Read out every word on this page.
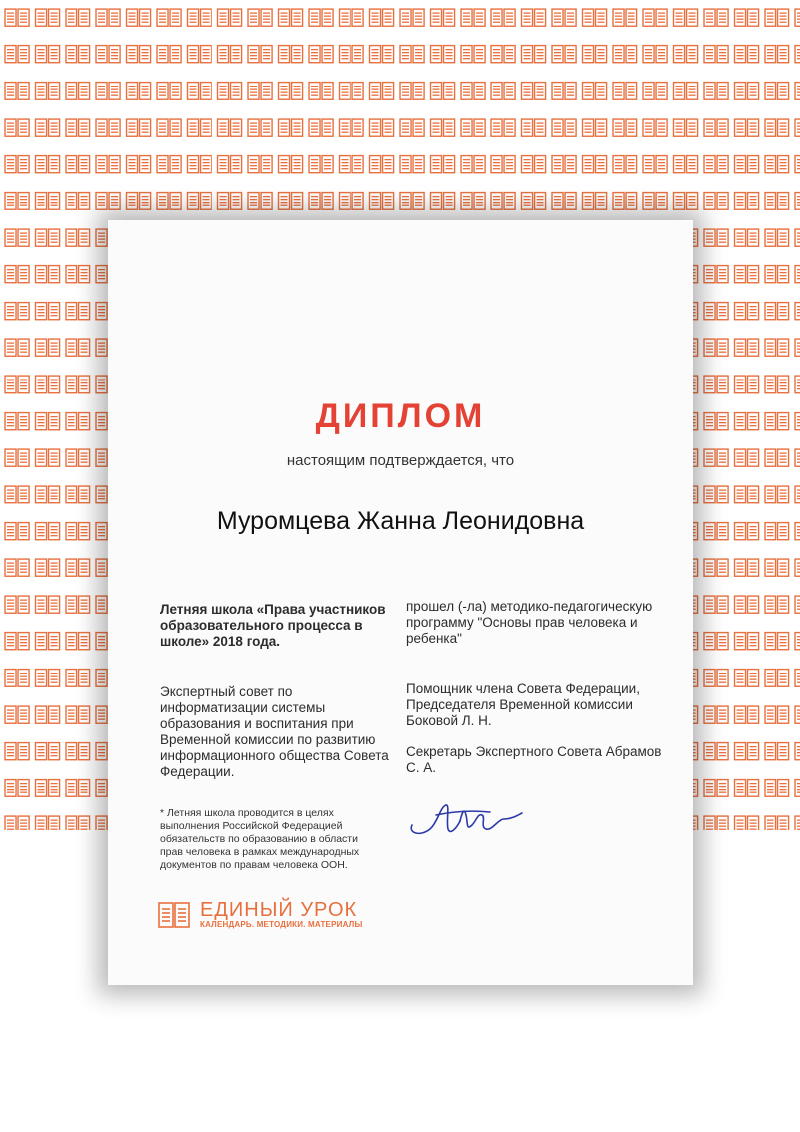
ДИПЛОМ
настоящим подтверждается, что
Муромцева Жанна Леонидовна
Летняя школа «Права участников образовательного процесса в школе» 2018 года.
прошел (-ла) методико-педагогическую программу "Основы прав человека и ребенка"
Экспертный совет по информатизации системы образования и воспитания при Временной комиссии по развитию информационного общества Совета Федерации.
Помощник члена Совета Федерации, Председателя Временной комиссии Боковой Л. Н.
Секретарь Экспертного Совета Абрамов С. А.
* Летняя школа проводится в целях выполнения Российской Федерацией обязательств по образованию в области прав человека в рамках международных документов по правам человека ООН.
ЕДИНЫЙ УРОК
КАЛЕНДАРЬ. МЕТОДИКИ. МАТЕРИАЛЫ
